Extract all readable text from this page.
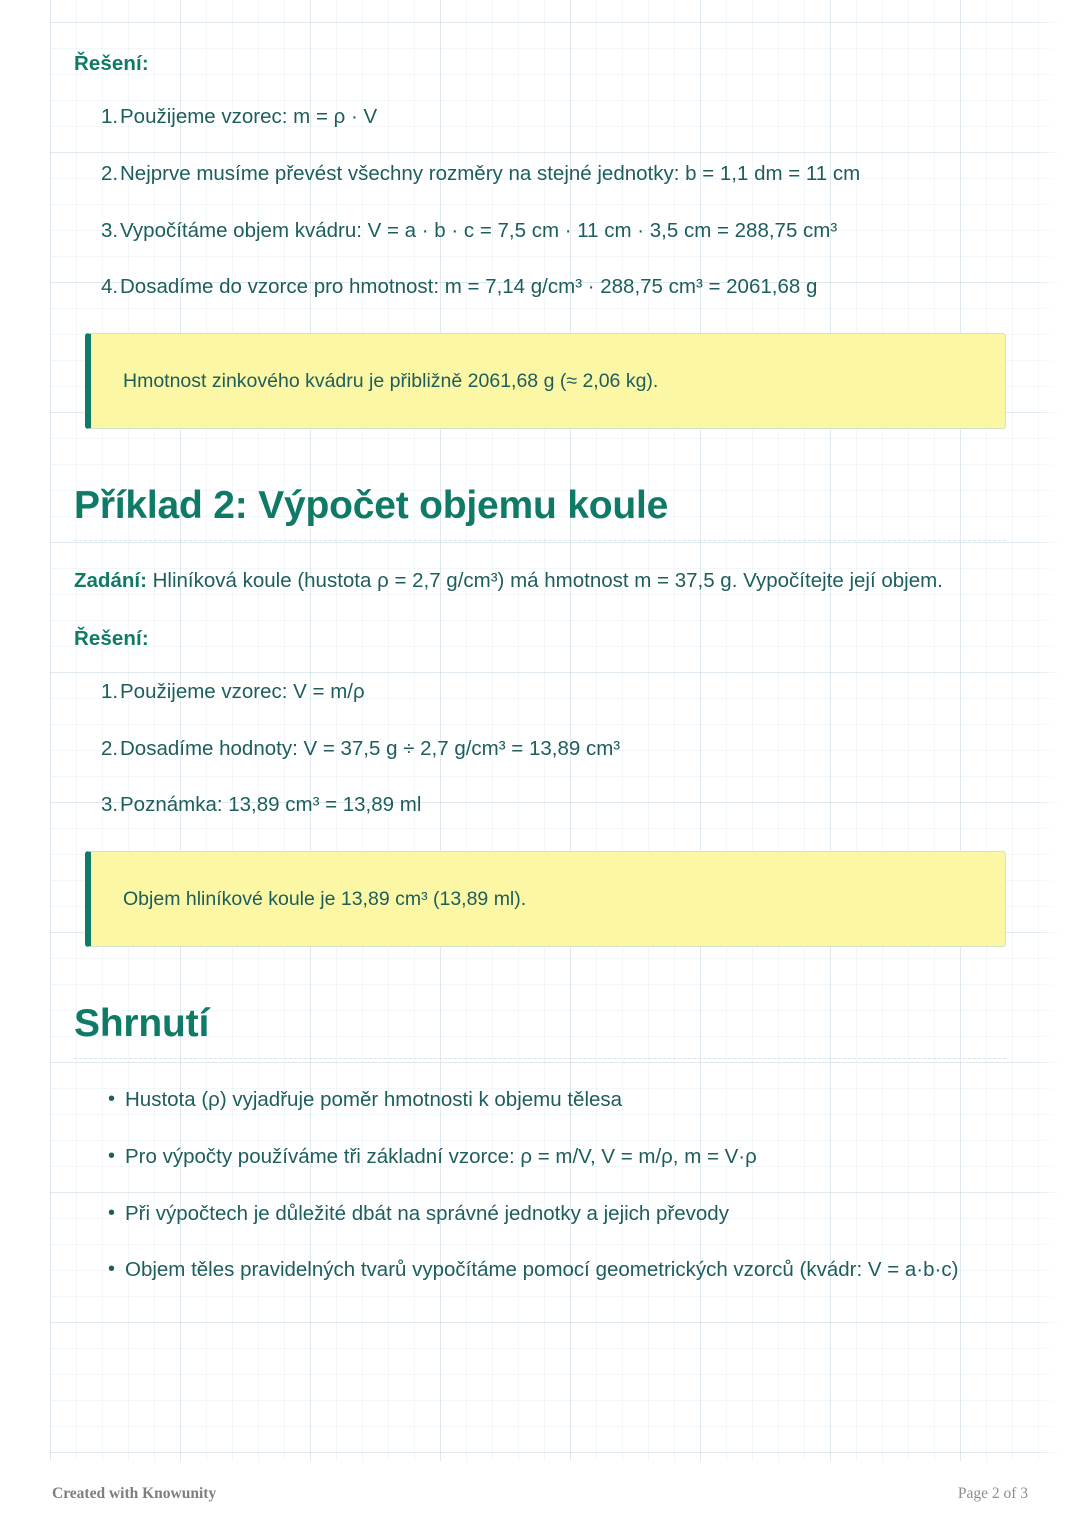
Řešení:

Použijeme vzorec: m = ρ · V
Nejprve musíme převést všechny rozměry na stejné jednotky: b = 1,1 dm = 11 cm
Vypočítáme objem kvádru: V = a · b · c = 7,5 cm · 11 cm · 3,5 cm = 288,75 cm³
Dosadíme do vzorce pro hmotnost: m = 7,14 g/cm³ · 288,75 cm³ = 2061,68 g
Hmotnost zinkového kvádru je přibližně 2061,68 g (≈ 2,06 kg).
Příklad 2: Výpočet objemu koule

Zadání: Hliníková koule (hustota ρ = 2,7 g/cm³) má hmotnost m = 37,5 g. Vypočítejte její objem.

Řešení:

Použijeme vzorec: V = m/ρ
Dosadíme hodnoty: V = 37,5 g ÷ 2,7 g/cm³ = 13,89 cm³
Poznámka: 13,89 cm³ = 13,89 ml
Objem hliníkové koule je 13,89 cm³ (13,89 ml).
Shrnutí
• Hustota (ρ) vyjadřuje poměr hmotnosti k objemu tělesa
• Pro výpočty používáme tři základní vzorce: ρ = m/V, V = m/ρ, m = V·ρ
• Při výpočtech je důležité dbát na správné jednotky a jejich převody
• Objem těles pravidelných tvarů vypočítáme pomocí geometrických vzorců (kvádr: V = a·b·c)
Created with Knowunity	Page 2 of 3
